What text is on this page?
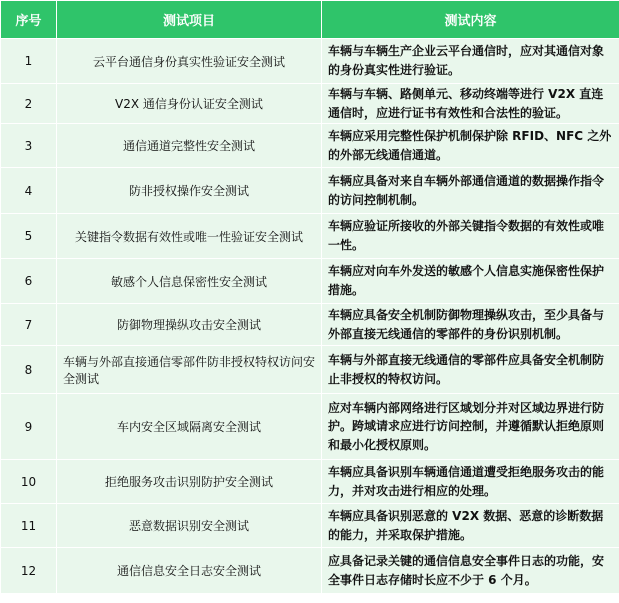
序号	测试项目	测试内容
1	云平台通信身份真实性验证安全测试	车辆与车辆生产企业云平台通信时，应对其通信对象的身份真实性进行验证。
2	V2X 通信身份认证安全测试	车辆与车辆、路侧单元、移动终端等进行 V2X 直连通信时，应进行证书有效性和合法性的验证。
3	通信通道完整性安全测试	车辆应采用完整性保护机制保护除 RFID、NFC 之外的外部无线通信通道。
4	防非授权操作安全测试	车辆应具备对来自车辆外部通信通道的数据操作指令的访问控制机制。
5	关键指令数据有效性或唯一性验证安全测试	车辆应验证所接收的外部关键指令数据的有效性或唯一性。
6	敏感个人信息保密性安全测试	车辆应对向车外发送的敏感个人信息实施保密性保护措施。
7	防御物理操纵攻击安全测试	车辆应具备安全机制防御物理操纵攻击，至少具备与外部直接无线通信的零部件的身份识别机制。
8	车辆与外部直接通信零部件防非授权特权访问安全测试	车辆与外部直接无线通信的零部件应具备安全机制防止非授权的特权访问。
9	车内安全区域隔离安全测试	应对车辆内部网络进行区域划分并对区域边界进行防护。跨域请求应进行访问控制，并遵循默认拒绝原则和最小化授权原则。
10	拒绝服务攻击识别防护安全测试	车辆应具备识别车辆通信通道遭受拒绝服务攻击的能力，并对攻击进行相应的处理。
11	恶意数据识别安全测试	车辆应具备识别恶意的 V2X 数据、恶意的诊断数据的能力，并采取保护措施。
12	通信信息安全日志安全测试	应具备记录关键的通信信息安全事件日志的功能，安全事件日志存储时长应不少于 6 个月。
